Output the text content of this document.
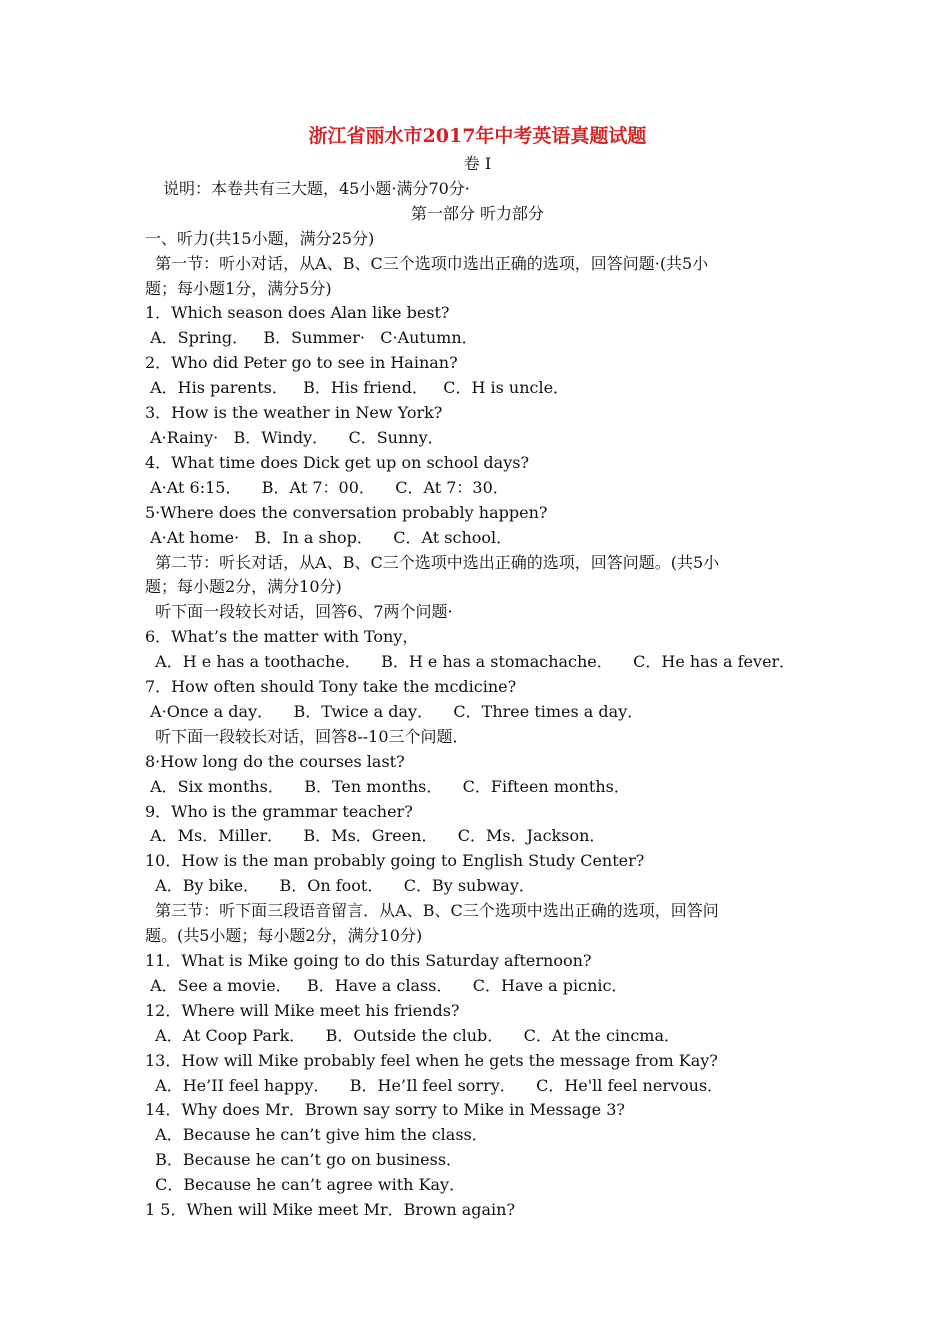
浙江省丽水市2017年中考英语真题试题
卷 I
说明：本卷共有三大题，45小题·满分70分·
第一部分 听力部分
一、听力(共15小题，满分25分)
第一节：听小对话，从A、B、C三个选项巾选出正确的选项，回答问题·(共5小
题；每小题1分，满分5分)
1．Which season does Alan like best?
A．Spring．   B．Summer·   C·Autumn．
2．Who did Peter go to see in Hainan?
A．His parents．   B．His friend．   C．H is uncle．
3．How is the weather in New York?
A·Rainy·   B．Windy．    C．Sunny．
4．What time does Dick get up on school days?
A·At 6:15．    B．At 7：00．    C．At 7：30．
5·Where does the conversation probably happen?
A·At home·   B．In a shop．    C．At school．
第二节：听长对话，从A、B、C三个选项中选出正确的选项，回答问题。(共5小
题；每小题2分，满分10分)
听下面一段较长对话，回答6、7两个问题·
6．What’s the matter with Tony，
A．H e has a toothache．    B．H e has a stomachache．    C．He has a fever．
7．How often should Tony take the mcdicine?
A·Once a day．    B．Twice a day．    C．Three times a day．
听下面一段较长对话，回答8--10三个问题．
8·How long do the courses last?
A．Six months．    B．Ten months．    C．Fifteen months．
9．Who is the grammar teacher?
A．Ms．Miller．    B．Ms．Green．    C．Ms．Jackson．
10．How is the man probably going to English Study Center?
A．By bike．    B．On foot．    C．By subway．
第三节：听下面三段语音留言．从A、B、C三个选项中选出正确的选项，回答问
题。(共5小题；每小题2分，满分10分)
11．What is Mike going to do this Saturday afternoon?
A．See a movie．   B．Have a class．    C．Have a picnic．
12．Where will Mike meet his friends?
A．At Coop Park．    B．Outside the club．    C．At the cincma．
13．How will Mike probably feel when he gets the message from Kay?
A．He’II feel happy．    B．He’Il feel sorry．    C．He'll feel nervous．
14．Why does Mr．Brown say sorry to Mike in Message 3?
A．Because he can’t give him the class．
B．Because he can’t go on business．
C．Because he can’t agree with Kay．
1 5．When will Mike meet Mr．Brown again?
